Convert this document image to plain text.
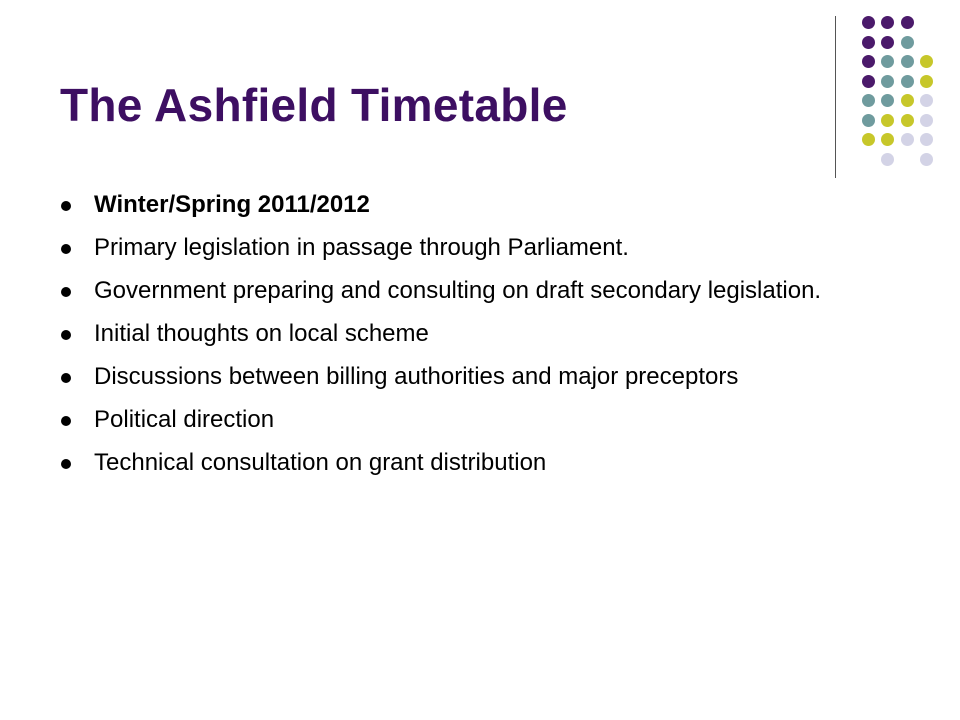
The Ashfield Timetable
Winter/Spring 2011/2012
Primary legislation in passage through Parliament.
Government preparing and consulting on draft secondary legislation.
Initial thoughts on local scheme
Discussions between billing authorities and major preceptors
Political direction
Technical consultation on grant distribution
